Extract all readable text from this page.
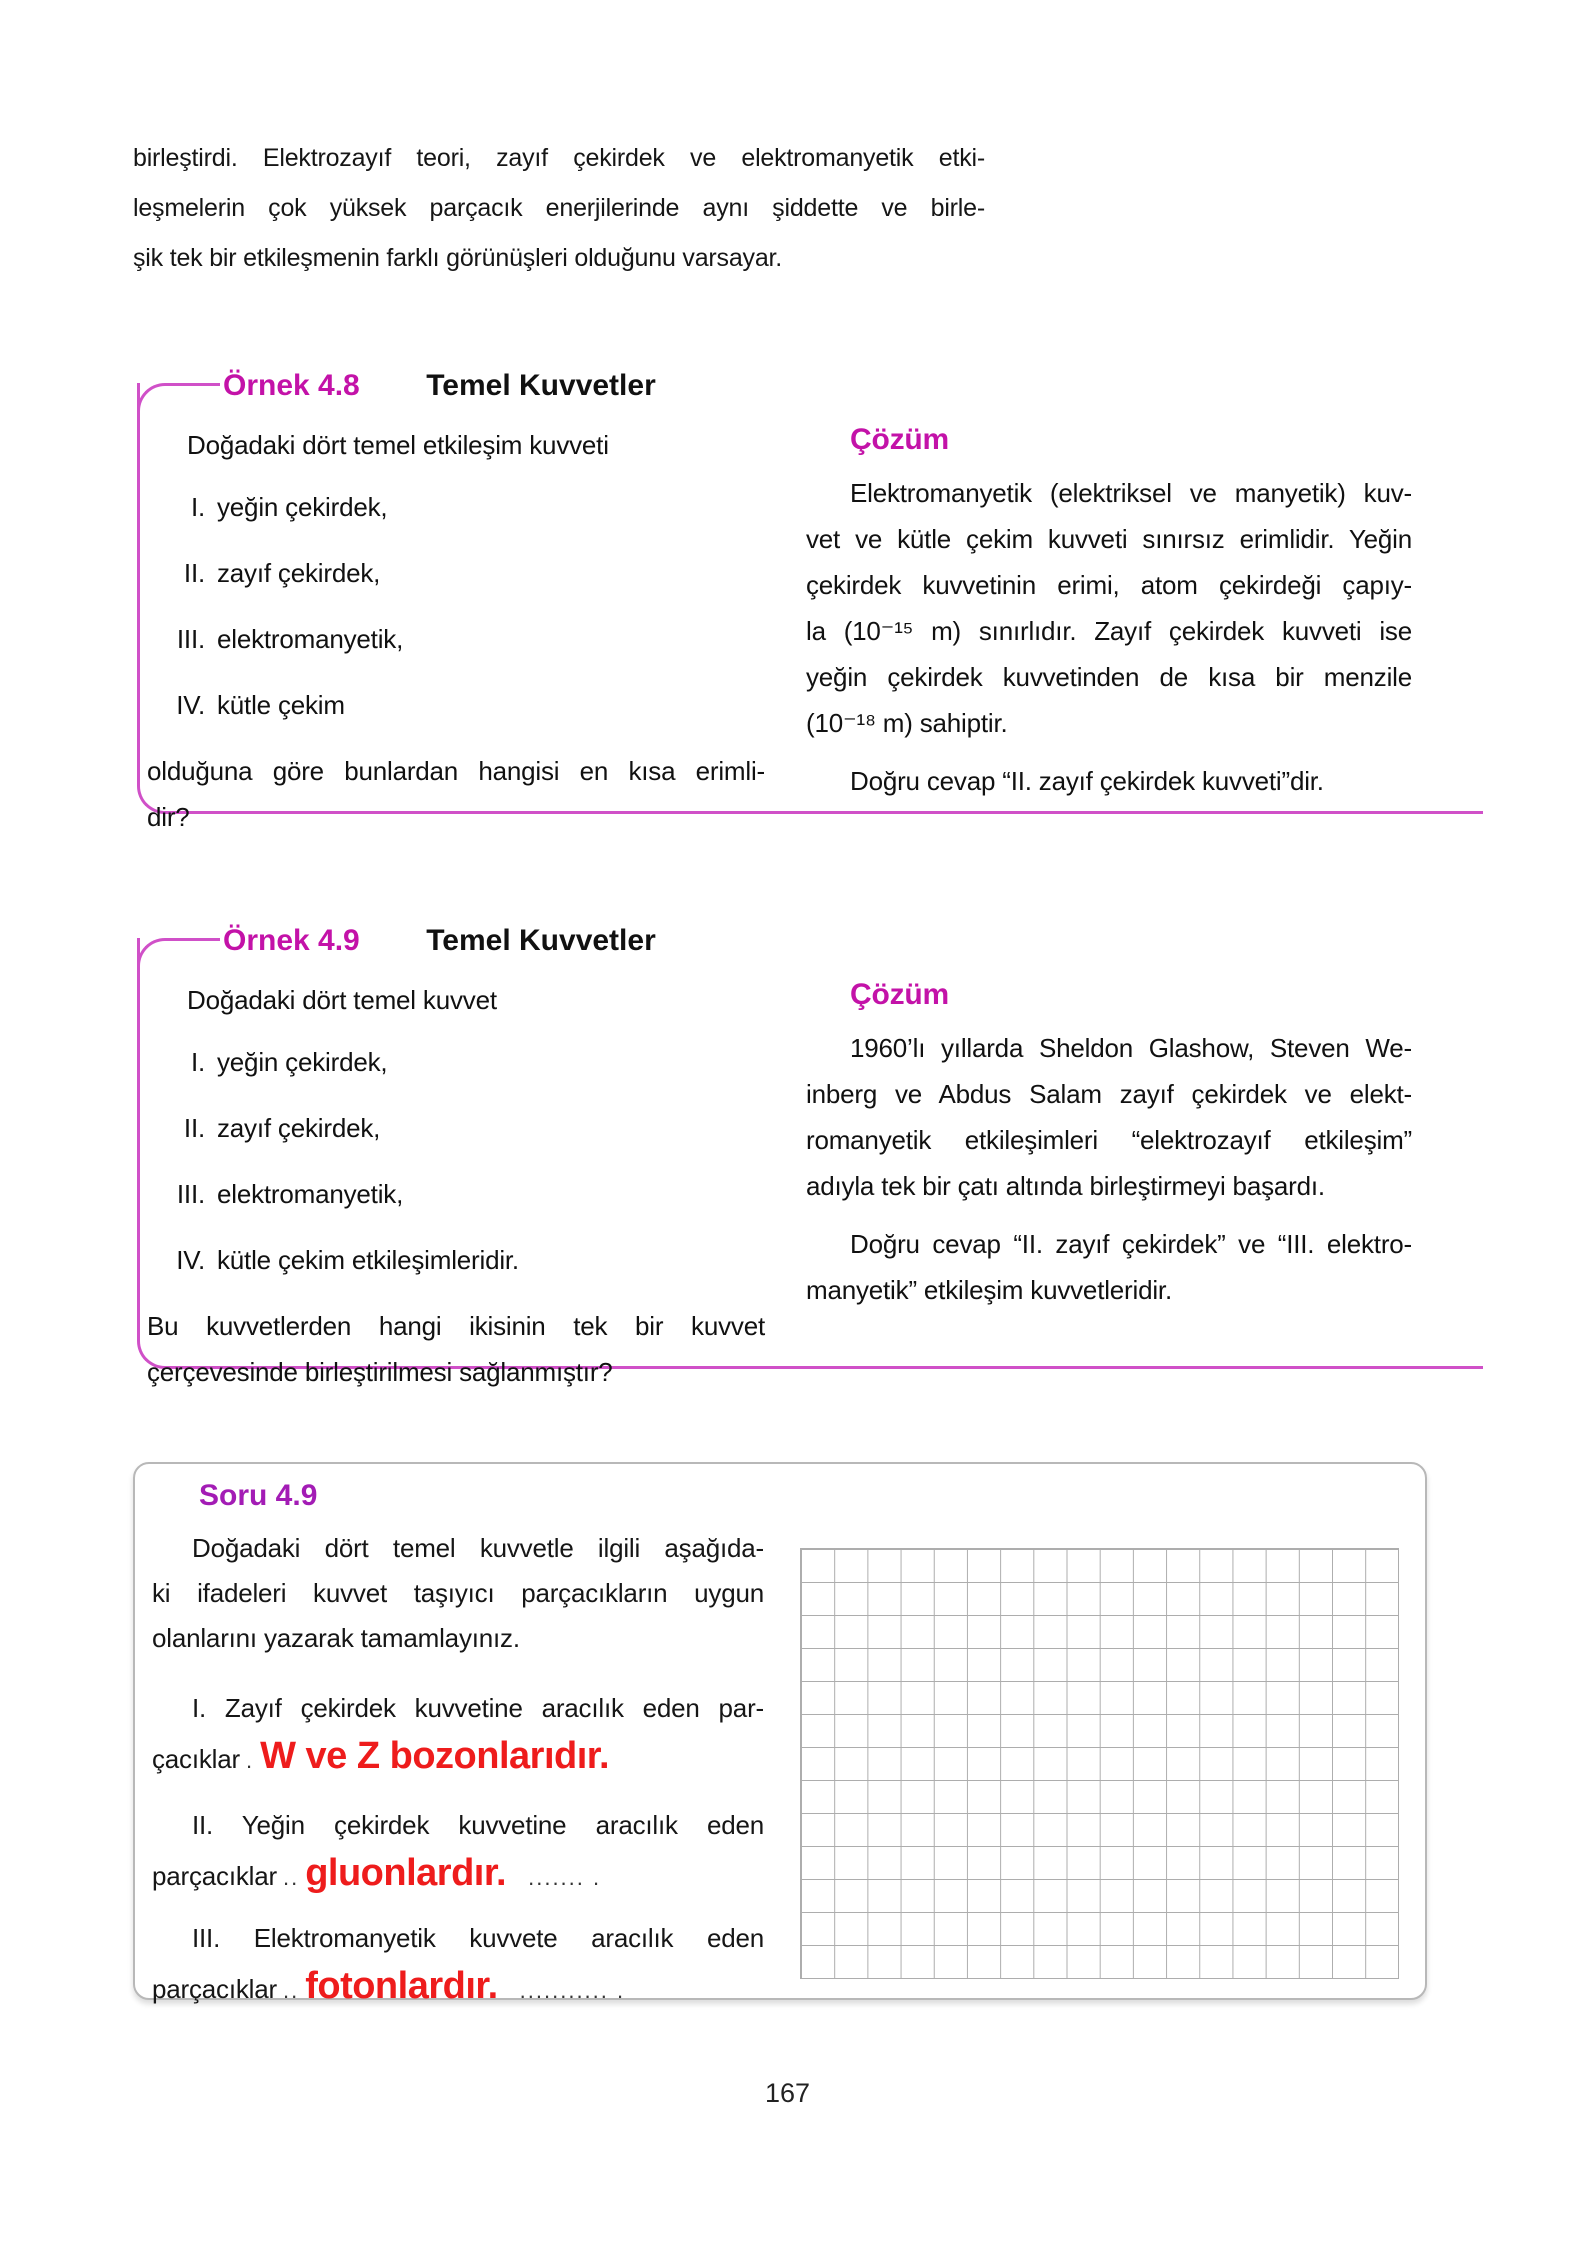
birleştirdi. Elektrozayıf teori, zayıf çekirdek ve elektromanyetik etki-
leşmelerin çok yüksek parçacık enerjilerinde aynı şiddette ve birle-
şik tek bir etkileşmenin farklı görünüşleri olduğunu varsayar.
Örnek 4.8 Temel Kuvvetler
Doğadaki dört temel etkileşim kuvveti
I. yeğin çekirdek,
II. zayıf çekirdek,
III. elektromanyetik,
IV. kütle çekim
olduğuna göre bunlardan hangisi en kısa erimli-
dir?
Çözüm
Elektromanyetik (elektriksel ve manyetik) kuv-
vet ve kütle çekim kuvveti sınırsız erimlidir. Yeğin
çekirdek kuvvetinin erimi, atom çekirdeği çapıy-
la (10⁻¹⁵ m) sınırlıdır. Zayıf çekirdek kuvveti ise
yeğin çekirdek kuvvetinden de kısa bir menzile
(10⁻¹⁸ m) sahiptir.
Doğru cevap “II. zayıf çekirdek kuvveti”dir.
Örnek 4.9 Temel Kuvvetler
Doğadaki dört temel kuvvet
I. yeğin çekirdek,
II. zayıf çekirdek,
III. elektromanyetik,
IV. kütle çekim etkileşimleridir.
Bu kuvvetlerden hangi ikisinin tek bir kuvvet
çerçevesinde birleştirilmesi sağlanmıştır?
Çözüm
1960’lı yıllarda Sheldon Glashow, Steven We-
inberg ve Abdus Salam zayıf çekirdek ve elekt-
romanyetik etkileşimleri “elektrozayıf etkileşim”
adıyla tek bir çatı altında birleştirmeyi başardı.
Doğru cevap “II. zayıf çekirdek” ve “III. elektro-
manyetik” etkileşim kuvvetleridir.
Soru 4.9
Doğadaki dört temel kuvvetle ilgili aşağıda-
ki ifadeleri kuvvet taşıyıcı parçacıkların uygun
olanlarını yazarak tamamlayınız.
I. Zayıf çekirdek kuvvetine aracılık eden par-
çacıklar . W ve Z bozonlarıdır.
II. Yeğin çekirdek kuvvetine aracılık eden
parçacıklar .. gluonlardır. ....... .
III. Elektromanyetik kuvvete aracılık eden
parçacıklar .. fotonlardır. ........... .
167
